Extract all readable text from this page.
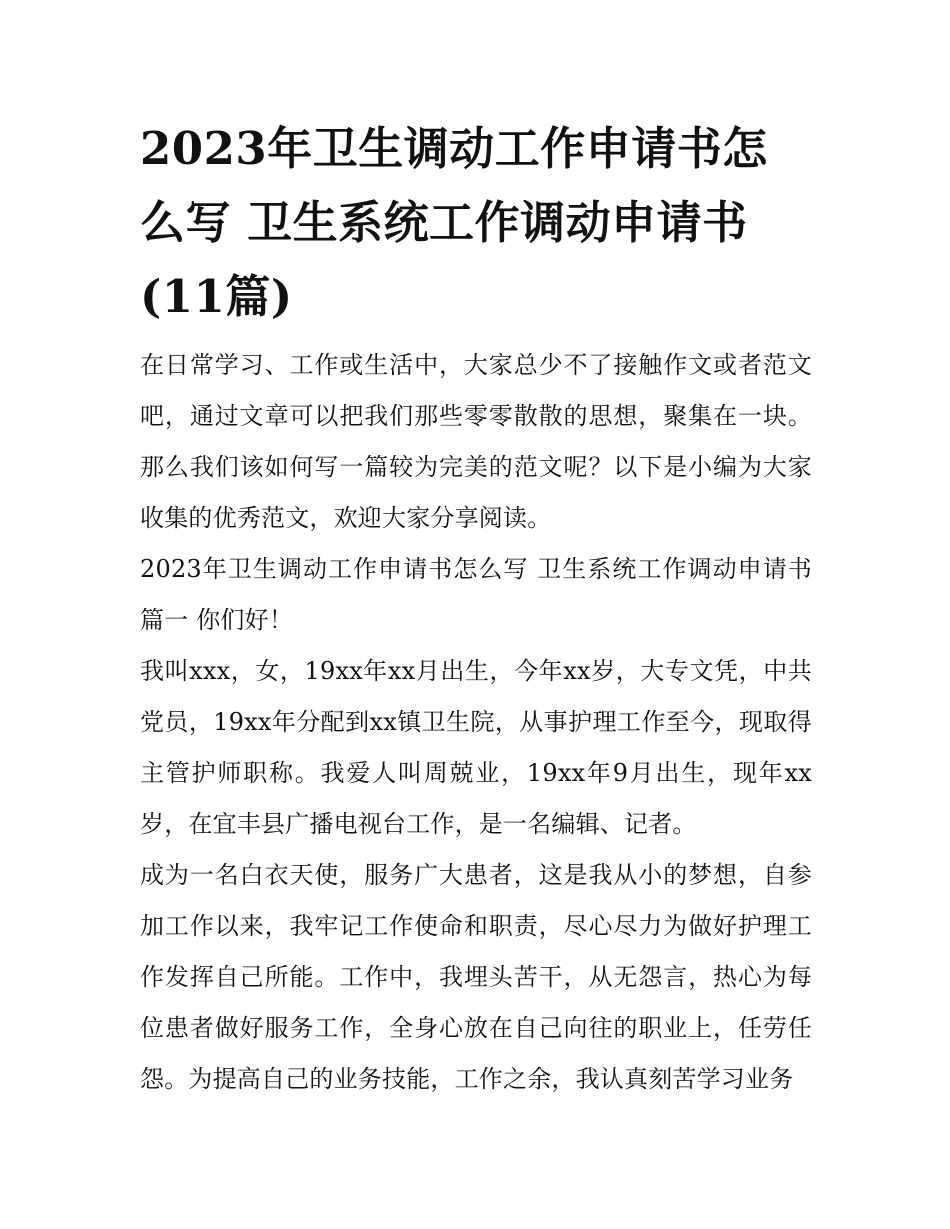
2023年卫生调动工作申请书怎么写 卫生系统工作调动申请书(11篇)

在日常学习、工作或生活中，大家总少不了接触作文或者范文吧，通过文章可以把我们那些零零散散的思想，聚集在一块。那么我们该如何写一篇较为完美的范文呢？以下是小编为大家收集的优秀范文，欢迎大家分享阅读。

2023年卫生调动工作申请书怎么写 卫生系统工作调动申请书篇一 你们好！

我叫xxx，女，19xx年xx月出生，今年xx岁，大专文凭，中共党员，19xx年分配到xx镇卫生院，从事护理工作至今，现取得主管护师职称。我爱人叫周兢业，19xx年9月出生，现年xx岁，在宜丰县广播电视台工作，是一名编辑、记者。

成为一名白衣天使，服务广大患者，这是我从小的梦想，自参加工作以来，我牢记工作使命和职责，尽心尽力为做好护理工作发挥自己所能。工作中，我埋头苦干，从无怨言，热心为每位患者做好服务工作，全身心放在自己向往的职业上，任劳任怨。为提高自己的业务技能，工作之余，我认真刻苦学习业务
